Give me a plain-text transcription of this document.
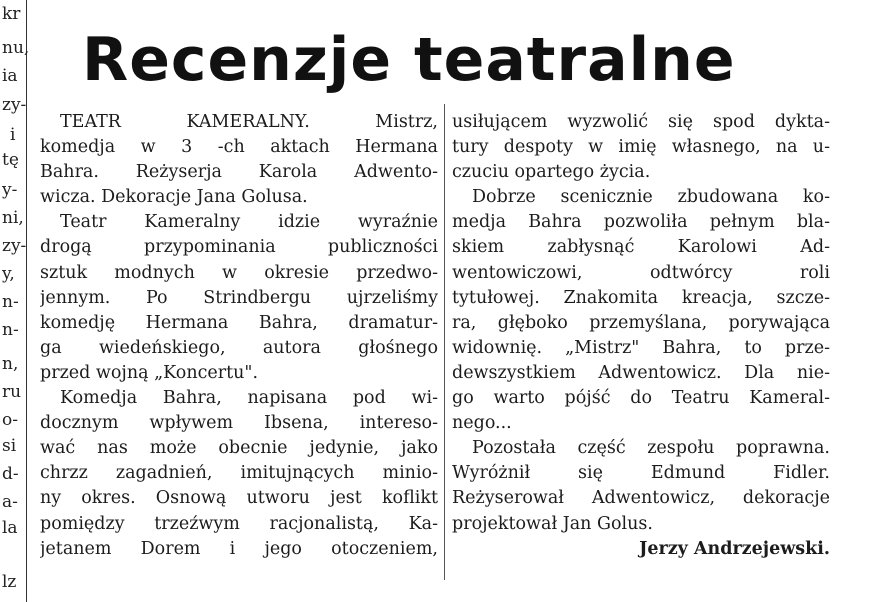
kr
nu,
ia
zy-
i
tę
y-
ni,
zy-
y,
n-
n-
n,
ru
o-
si
d-
a-
la
lz
Recenzje teatralne
TEATR KAMERALNY. Mistrz,
komedja w 3 -ch aktach Hermana
Bahra. Reżyserja Karola Adwento-
wicza. Dekoracje Jana Golusa.
Teatr Kameralny idzie wyraźnie
drogą przypominania publiczności
sztuk modnych w okresie przedwo-
jennym. Po Strindbergu ujrzeliśmy
komedję Hermana Bahra, dramatur-
ga wiedeńskiego, autora głośnego
przed wojną „Koncertu".
Komedja Bahra, napisana pod wi-
docznym wpływem Ibsena, intereso-
wać nas może obecnie jedynie, jako
chrzz zagadnień, imitujnących minio-
ny okres. Osnową utworu jest koflikt
pomiędzy trzeźwym racjonalistą, Ka-
jetanem Dorem i jego otoczeniem,
usiłującem wyzwolić się spod dykta-
tury despoty w imię własnego, na u-
czuciu opartego życia.
Dobrze scenicznie zbudowana ko-
medja Bahra pozwoliła pełnym bla-
skiem zabłysnąć Karolowi Ad-
wentowiczowi, odtwórcy roli
tytułowej. Znakomita kreacja, szcze-
ra, głęboko przemyślana, porywająca
widownię. „Mistrz" Bahra, to prze-
dewszystkiem Adwentowicz. Dla nie-
go warto pójść do Teatru Kameral-
nego...
Pozostała część zespołu poprawna.
Wyróżnił się Edmund Fidler.
Reżyserował Adwentowicz, dekoracje
projektował Jan Golus.
Jerzy Andrzejewski.
